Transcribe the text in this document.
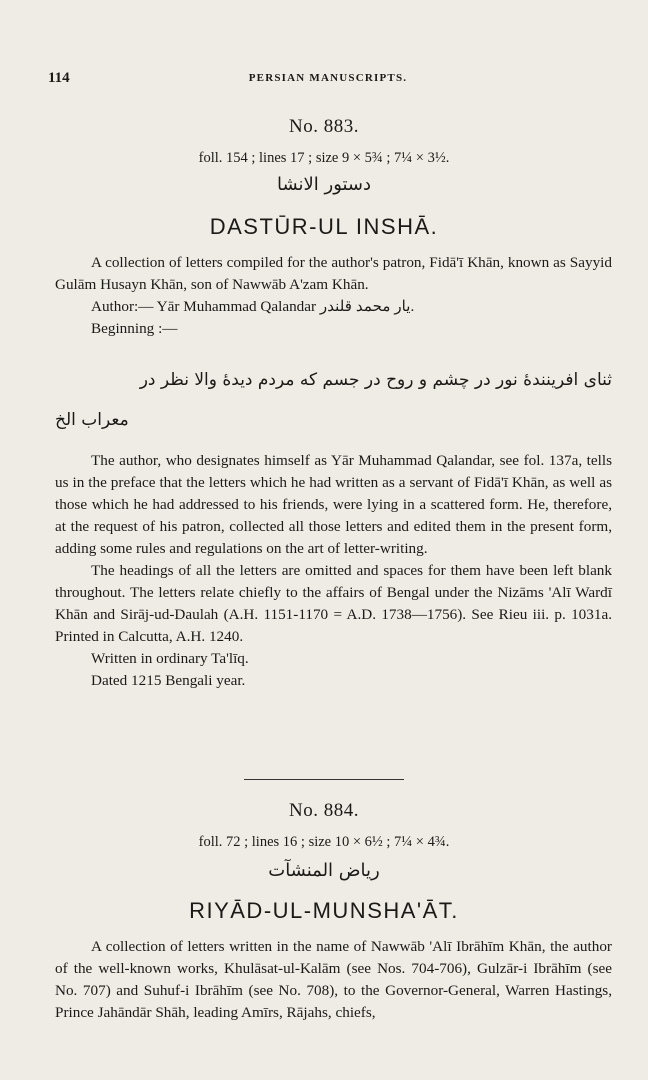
114	PERSIAN MANUSCRIPTS.
No. 883.
foll. 154 ; lines 17 ; size 9 × 5¾ ; 7¼ × 3½.
دستور الانشا
DASTŪR-UL INSHĀ.

A collection of letters compiled for the author's patron, Fidā'ī Khān, known as Sayyid Gulām Husayn Khān, son of Nawwāb A'zam Khān.

Author:— Yār Muhammad Qalandar یار محمد قلندر.

Beginning :—

ثنای افرینندهٔ نور در چشم و روح در جسم که مردم دیدهٔ والا نظر در
معراب الخ

The author, who designates himself as Yār Muhammad Qalandar, see fol. 137a, tells us in the preface that the letters which he had written as a servant of Fidā'ī Khān, as well as those which he had addressed to his friends, were lying in a scattered form. He, therefore, at the request of his patron, collected all those letters and edited them in the present form, adding some rules and regulations on the art of letter-writing.

The headings of all the letters are omitted and spaces for them have been left blank throughout. The letters relate chiefly to the affairs of Bengal under the Nizāms 'Alī Wardī Khān and Sirāj-ud-Daulah (A.H. 1151-1170 = A.D. 1738—1756). See Rieu iii. p. 1031a. Printed in Calcutta, A.H. 1240.

Written in ordinary Ta'līq.

Dated 1215 Bengali year.

No. 884.
foll. 72 ; lines 16 ; size 10 × 6½ ; 7¼ × 4¾.
ریاض المنشآت
RIYĀD-UL-MUNSHA'ĀT.

A collection of letters written in the name of Nawwāb 'Alī Ibrāhīm Khān, the author of the well-known works, Khulāsat-ul-Kalām (see Nos. 704-706), Gulzār-i Ibrāhīm (see No. 707) and Suhuf-i Ibrāhīm (see No. 708), to the Governor-General, Warren Hastings, Prince Jahāndār Shāh, leading Amīrs, Rājahs, chiefs,
